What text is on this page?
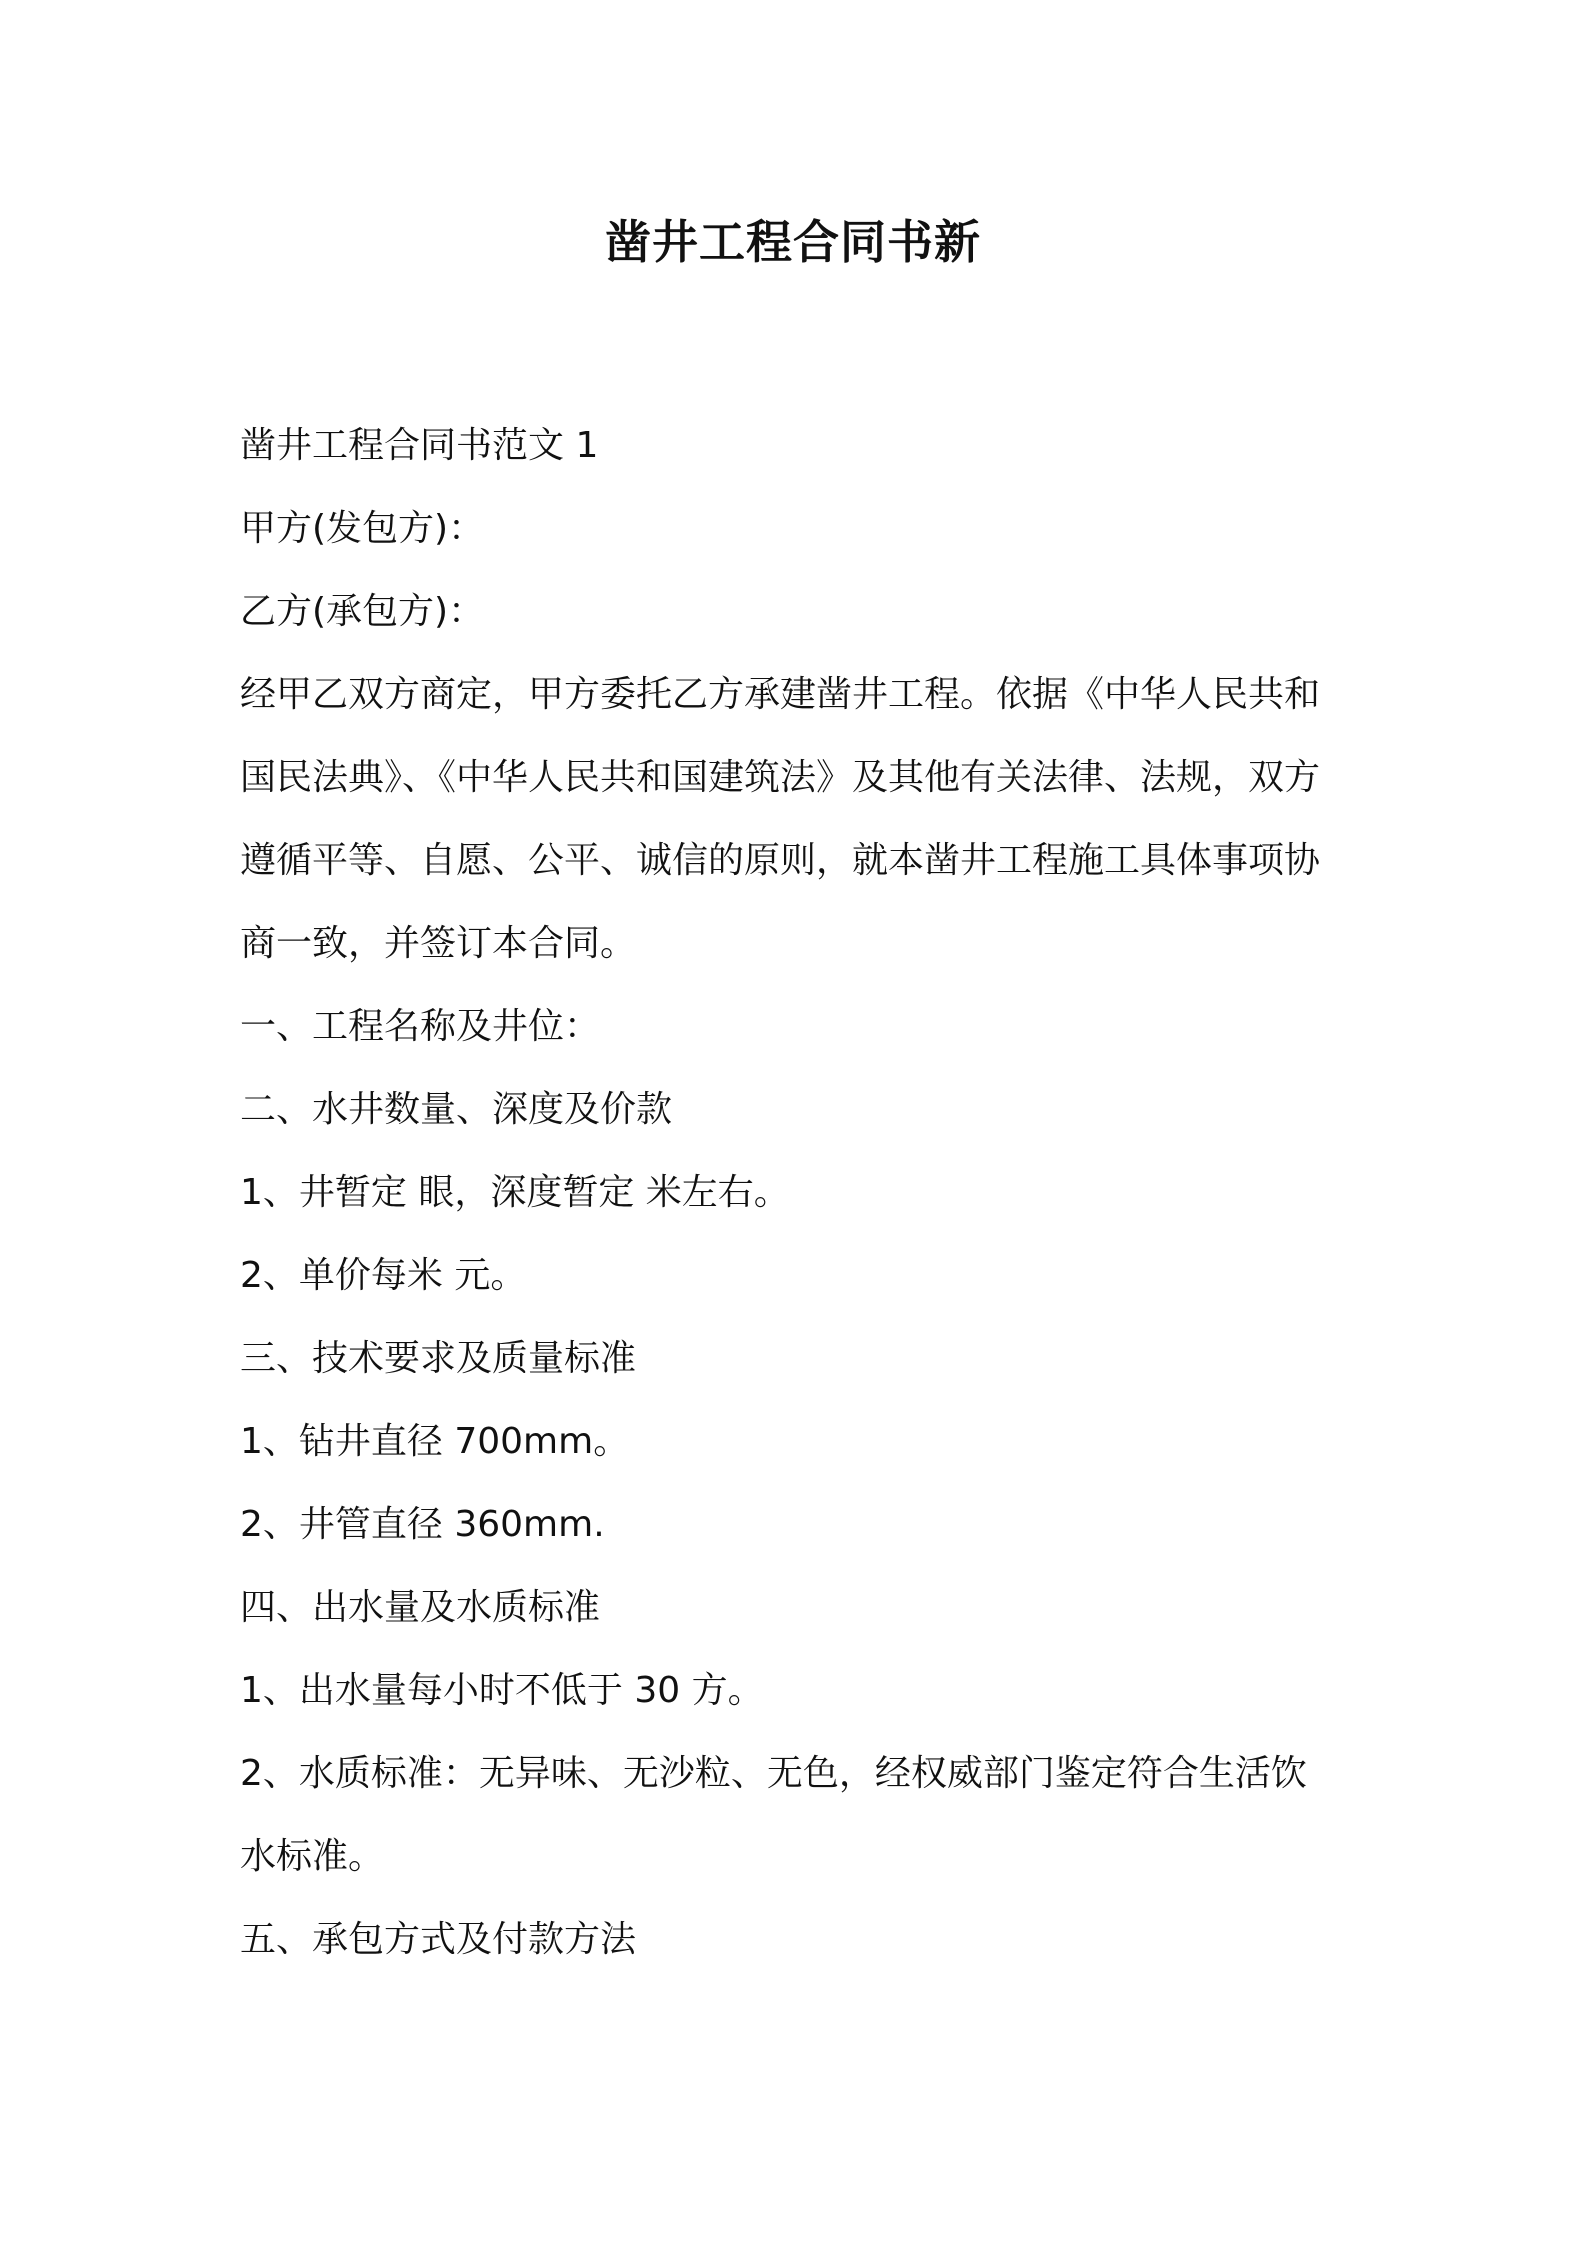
凿井工程合同书新

凿井工程合同书范文 1

甲方(发包方)：

乙方(承包方)：

经甲乙双方商定，甲方委托乙方承建凿井工程。依据《中华人民共和

国民法典》、《中华人民共和国建筑法》及其他有关法律、法规，双方

遵循平等、自愿、公平、诚信的原则，就本凿井工程施工具体事项协

商一致，并签订本合同。

一、工程名称及井位：

二、水井数量、深度及价款

1、井暂定 眼，深度暂定 米左右。

2、单价每米 元。

三、技术要求及质量标准

1、钻井直径 700mm。

2、井管直径 360mm.

四、出水量及水质标准

1、出水量每小时不低于 30 方。

2、水质标准：无异味、无沙粒、无色，经权威部门鉴定符合生活饮

水标准。

五、承包方式及付款方法
